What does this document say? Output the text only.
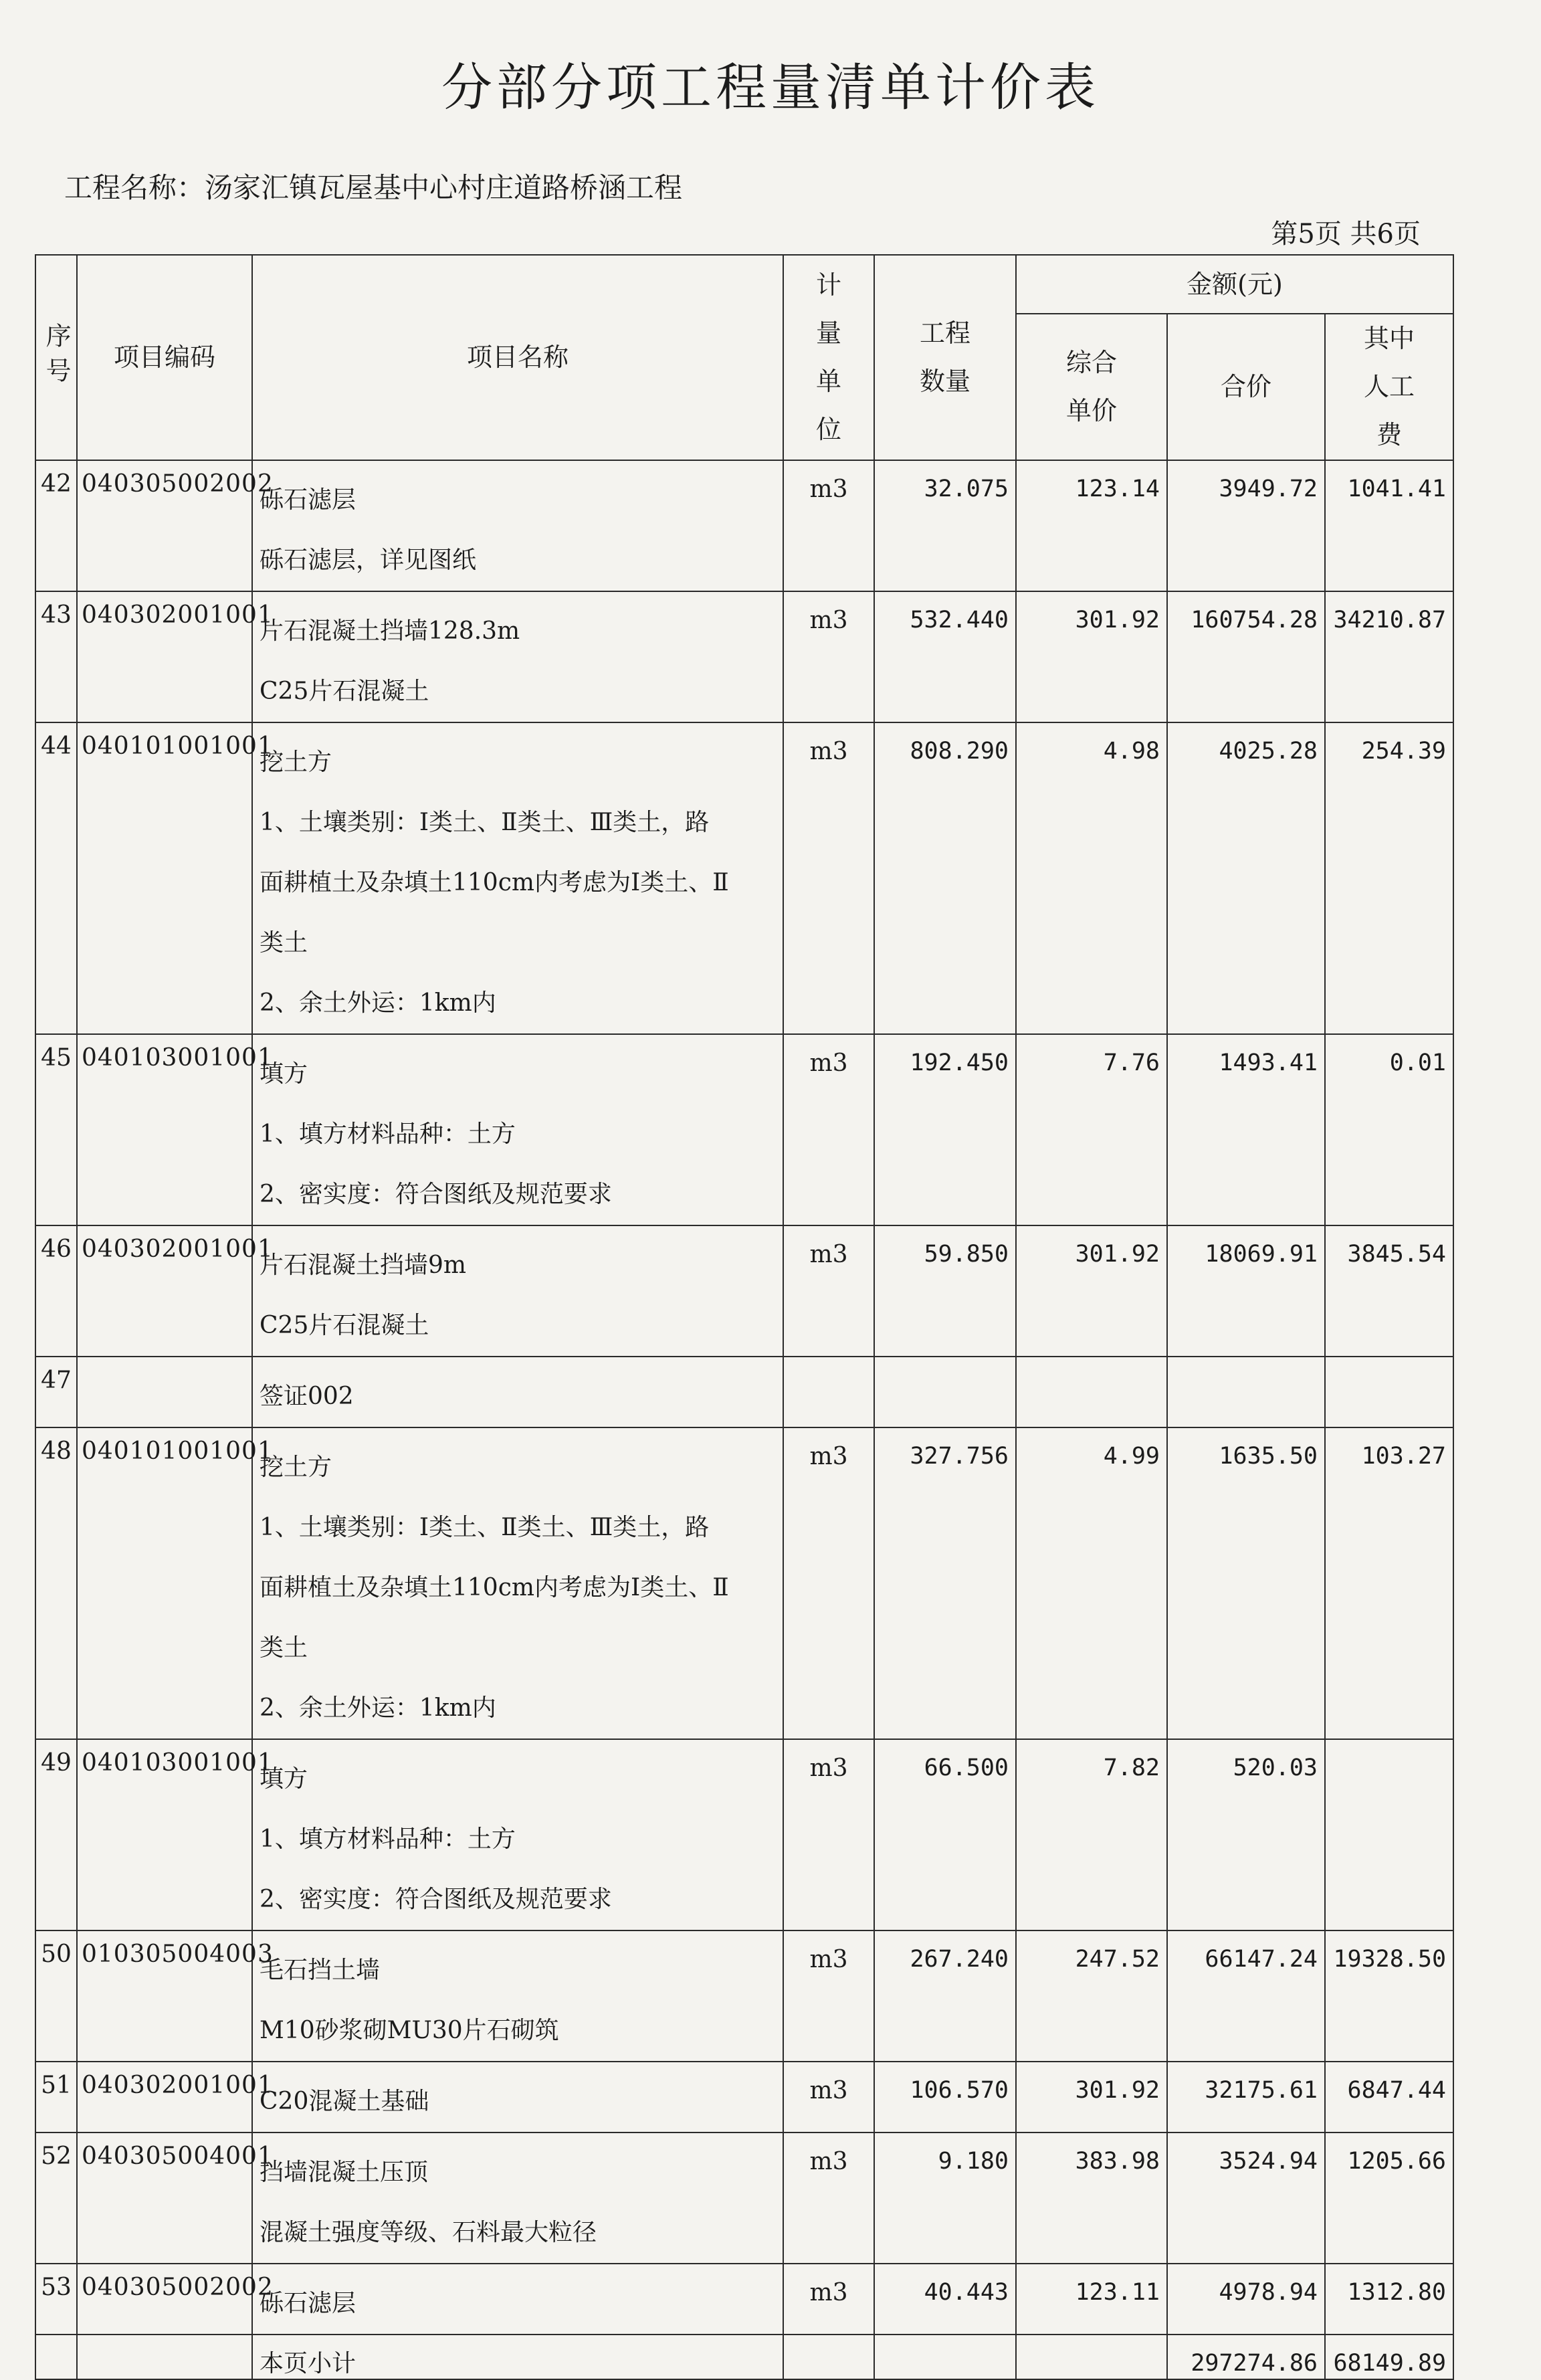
分部分项工程量清单计价表
工程名称：汤家汇镇瓦屋基中心村庄道路桥涵工程
第5页 共6页
序号	项目编码	项目名称	计量单位	工程数量	金额(元)		
					综合单价	合价	其中人工费
42	040305002002	砾石滤层
砾石滤层，详见图纸	m3	32.075	123.14	3949.72	1041.41
43	040302001001	片石混凝土挡墙128.3m
C25片石混凝土	m3	532.440	301.92	160754.28	34210.87
44	040101001001	挖土方
1、土壤类别：Ⅰ类土、Ⅱ类土、Ⅲ类土，路
面耕植土及杂填土110cm内考虑为Ⅰ类土、Ⅱ
类土
2、余土外运：1km内	m3	808.290	4.98	4025.28	254.39
45	040103001001	填方
1、填方材料品种：土方
2、密实度：符合图纸及规范要求	m3	192.450	7.76	1493.41	0.01
46	040302001001	片石混凝土挡墙9m
C25片石混凝土	m3	59.850	301.92	18069.91	3845.54
47		签证002					

48	040101001001	挖土方
1、土壤类别：Ⅰ类土、Ⅱ类土、Ⅲ类土，路
面耕植土及杂填土110cm内考虑为Ⅰ类土、Ⅱ
类土
2、余土外运：1km内	m3	327.756	4.99	1635.50	103.27
49	040103001001	填方
1、填方材料品种：土方
2、密实度：符合图纸及规范要求	m3	66.500	7.82	520.03	
50	010305004003	毛石挡土墙
M10砂浆砌MU30片石砌筑	m3	267.240	247.52	66147.24	19328.50
51	040302001001	C20混凝土基础	m3	106.570	301.92	32175.61	6847.44
52	040305004001	挡墙混凝土压顶
混凝土强度等级、石料最大粒径	m3	9.180	383.98	3524.94	1205.66
53	040305002002	砾石滤层	m3	40.443	123.11	4978.94	1312.80
		本页小计				297274.86	68149.89
